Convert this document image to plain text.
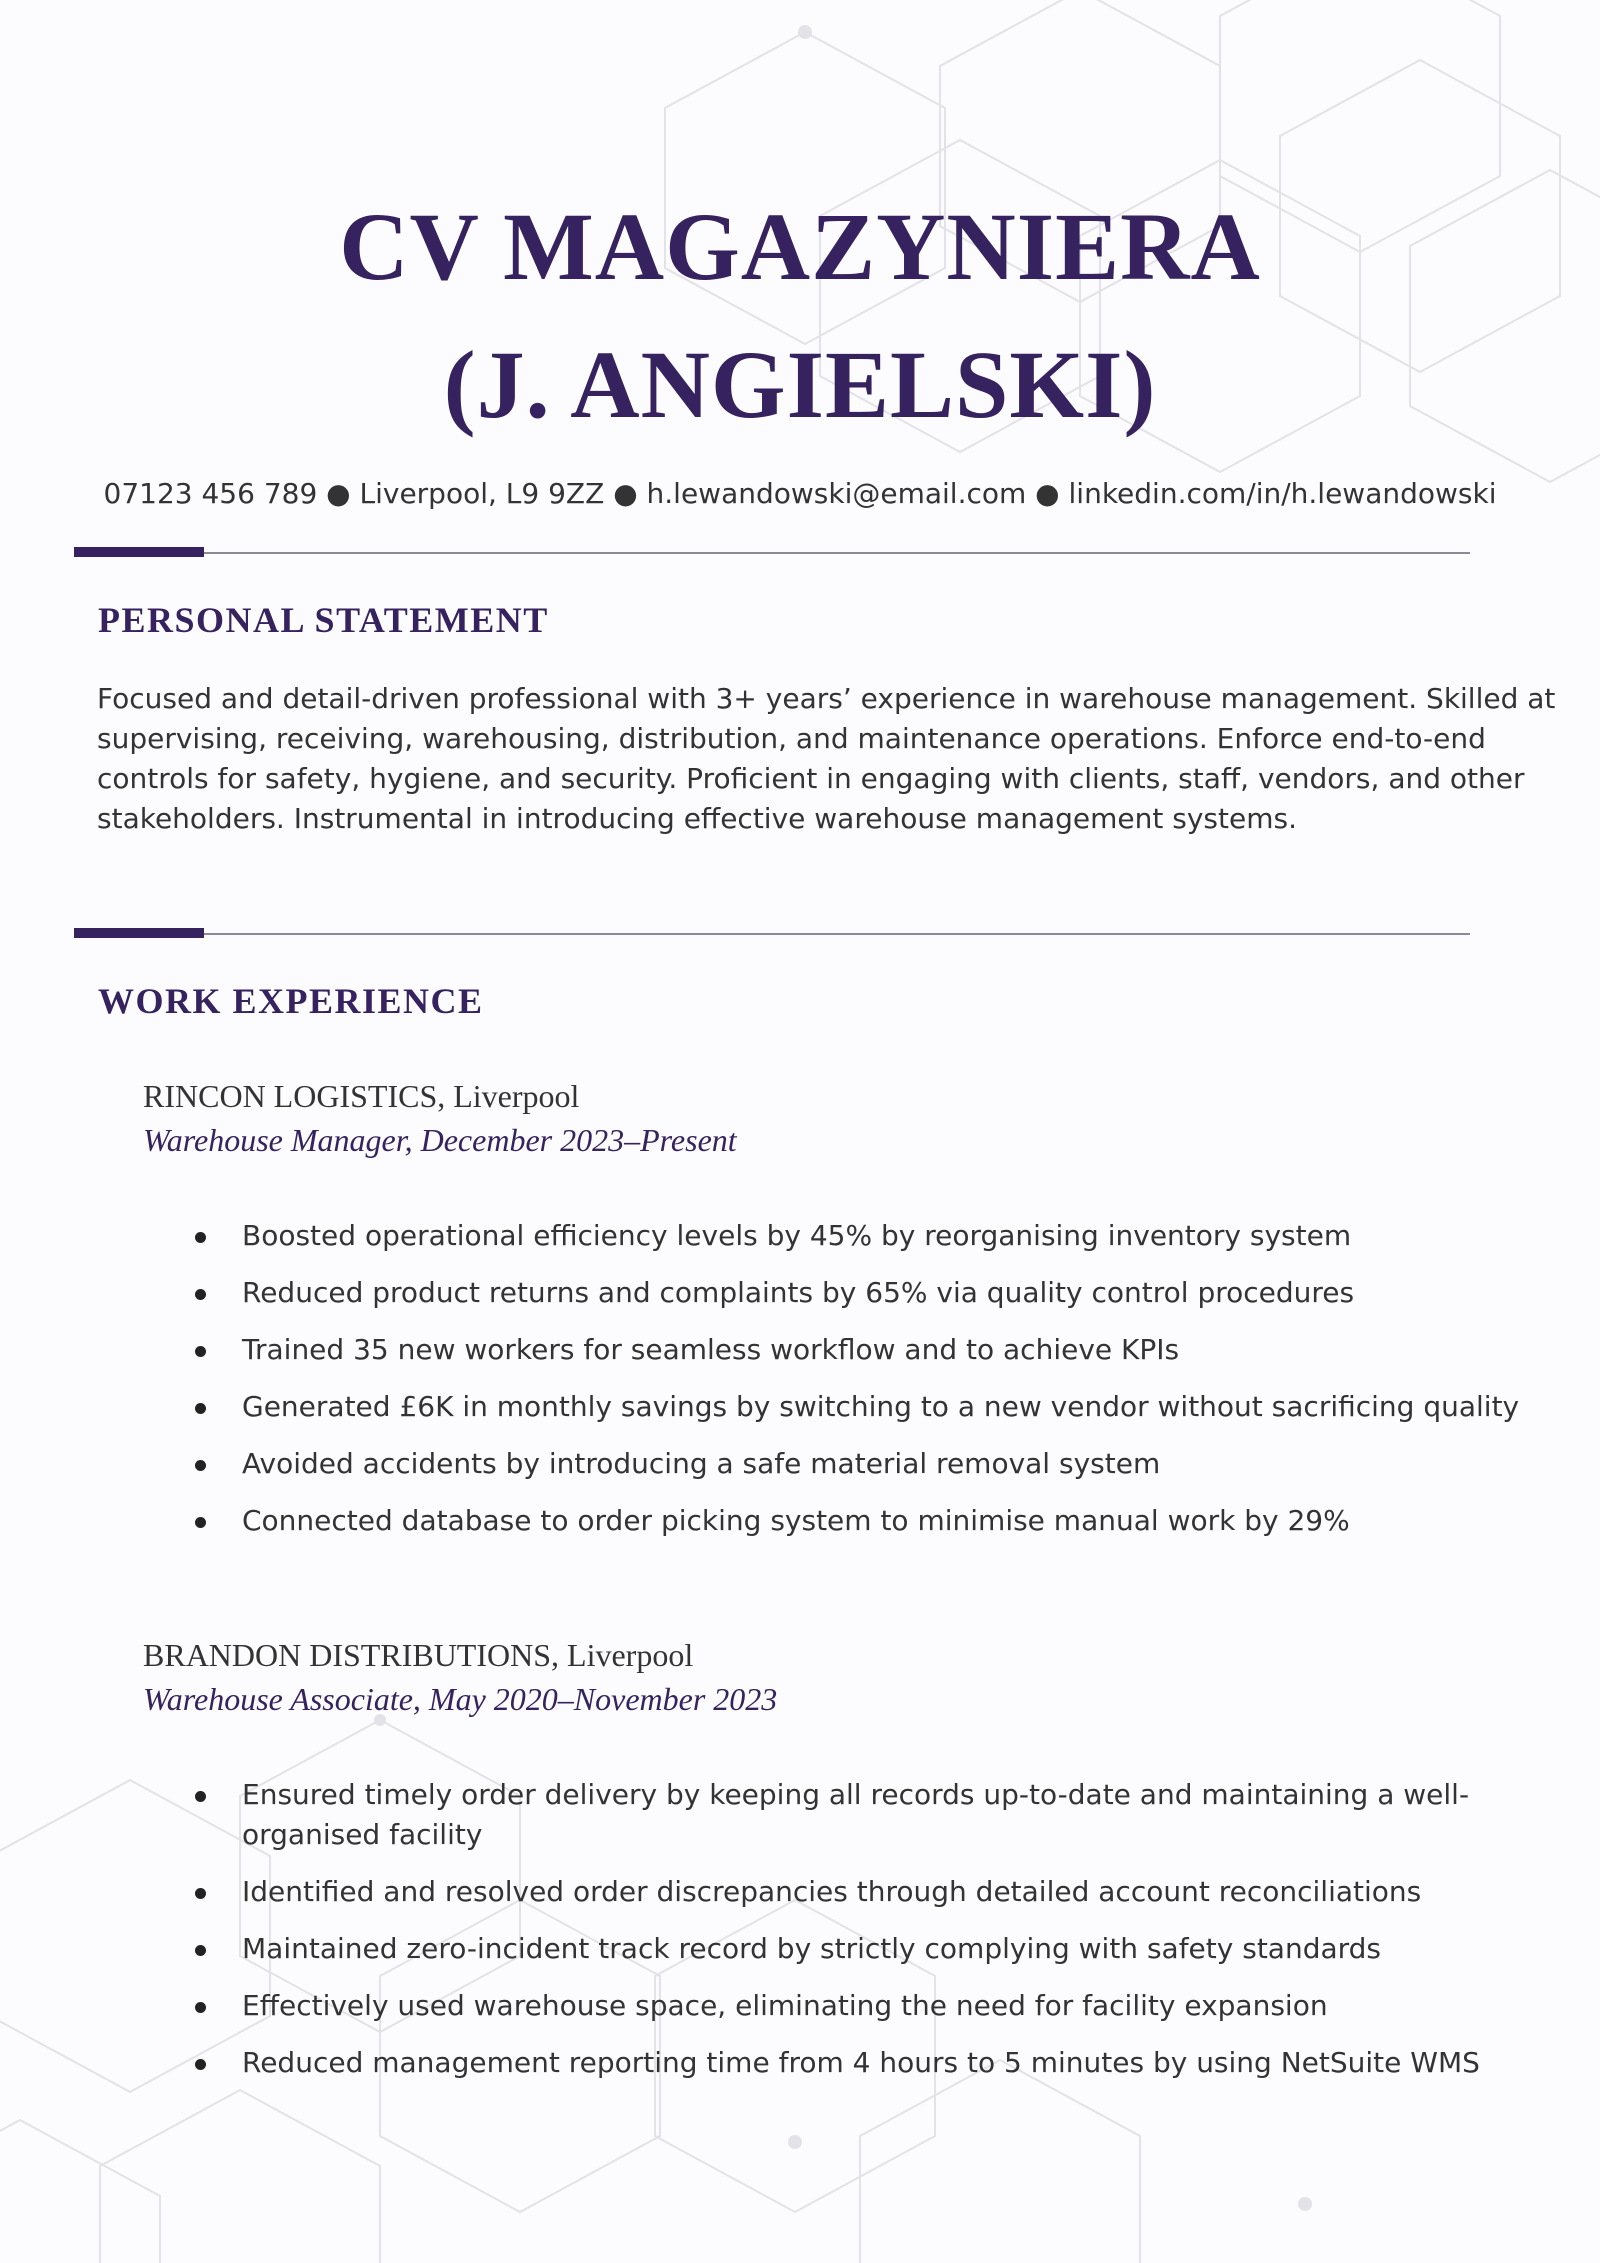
CV MAGAZYNIERA
(J. ANGIELSKI)
07123 456 789 ● Liverpool, L9 9ZZ ● h.lewandowski@email.com ● linkedin.com/in/h.lewandowski
PERSONAL STATEMENT
Focused and detail-driven professional with 3+ years’ experience in warehouse management. Skilled at
supervising, receiving, warehousing, distribution, and maintenance operations. Enforce end-to-end
controls for safety, hygiene, and security. Proficient in engaging with clients, staff, vendors, and other
stakeholders. Instrumental in introducing effective warehouse management systems.
WORK EXPERIENCE
RINCON LOGISTICS, Liverpool
Warehouse Manager, December 2023–Present
Boosted operational efficiency levels by 45% by reorganising inventory system
Reduced product returns and complaints by 65% via quality control procedures
Trained 35 new workers for seamless workflow and to achieve KPIs
Generated £6K in monthly savings by switching to a new vendor without sacrificing quality
Avoided accidents by introducing a safe material removal system
Connected database to order picking system to minimise manual work by 29%
BRANDON DISTRIBUTIONS, Liverpool
Warehouse Associate, May 2020–November 2023
Ensured timely order delivery by keeping all records up-to-date and maintaining a well-
organised facility
Identified and resolved order discrepancies through detailed account reconciliations
Maintained zero-incident track record by strictly complying with safety standards
Effectively used warehouse space, eliminating the need for facility expansion
Reduced management reporting time from 4 hours to 5 minutes by using NetSuite WMS
